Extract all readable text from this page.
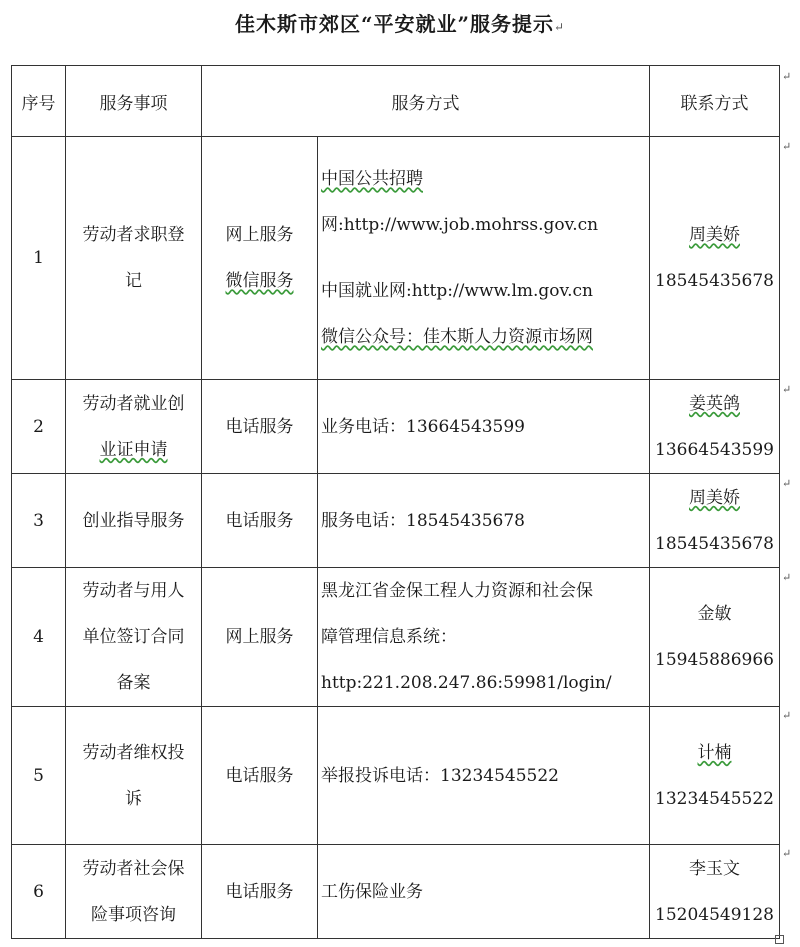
佳木斯市郊区“平安就业”服务提示↵
序号	服务事项	服务方式		联系方式
1	劳动者求职登
记	网上服务
微信服务	中国公共招聘
网:http://www.job.mohrss.gov.cn
中国就业网:http://www.lm.gov.cn
微信公众号：佳木斯人力资源市场网	周美娇
18545435678

2	劳动者就业创
业证申请	电话服务	业务电话：13664543599	姜英鸽
13664543599

3	创业指导服务	电话服务	服务电话：18545435678	周美娇
18545435678

4	劳动者与用人
单位签订合同
备案	网上服务	黑龙江省金保工程人力资源和社会保
障管理信息系统：
http:221.208.247.86:59981/login/	金敏
15945886966

5	劳动者维权投
诉	电话服务	举报投诉电话：13234545522	计楠
13234545522

6	劳动者社会保
险事项咨询	电话服务	工伤保险业务	李玉文
15204549128
↵
↵
↵
↵
↵
↵
↵
